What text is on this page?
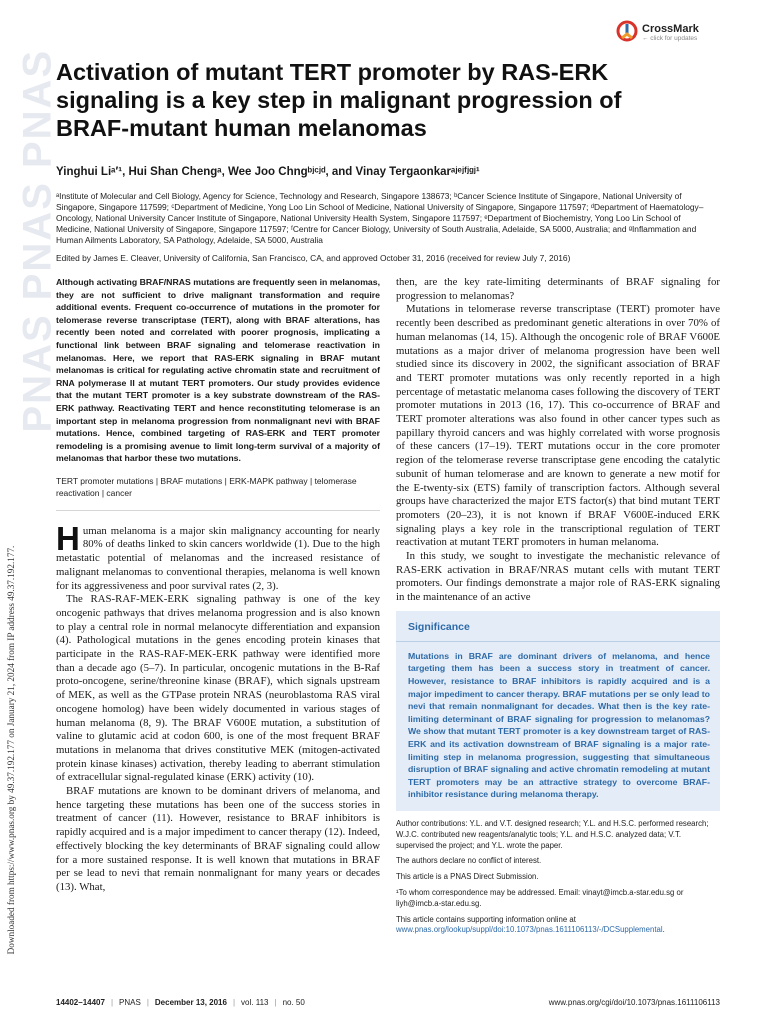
PNAS PNAS PNAS
Downloaded from https://www.pnas.org by 49.37.192.177 on January 21, 2024 from IP address 49.37.192.177.
CrossMark
← click for updates
Activation of mutant TERT promoter by RAS-ERK signaling is a key step in malignant progression of BRAF-mutant human melanomas
Yinghui Liᵃ′¹, Hui Shan Chengᵃ, Wee Joo Chngᵇʲᶜʲᵈ, and Vinay Tergaonkarᵃʲᵉʲᶠʲᵍʲ¹
ᵃInstitute of Molecular and Cell Biology, Agency for Science, Technology and Research, Singapore 138673; ᵇCancer Science Institute of Singapore, National University of Singapore, Singapore 117599; ᶜDepartment of Medicine, Yong Loo Lin School of Medicine, National University of Singapore, Singapore 117597; ᵈDepartment of Haematology–Oncology, National University Cancer Institute of Singapore, National University Health System, Singapore 117597; ᵉDepartment of Biochemistry, Yong Loo Lin School of Medicine, National University of Singapore, Singapore 117597; ᶠCentre for Cancer Biology, University of South Australia, Adelaide, SA 5000, Australia; and ᵍInflammation and Human Ailments Laboratory, SA Pathology, Adelaide, SA 5000, Australia
Edited by James E. Cleaver, University of California, San Francisco, CA, and approved October 31, 2016 (received for review July 7, 2016)

Although activating BRAF/NRAS mutations are frequently seen in melanomas, they are not sufficient to drive malignant transformation and require additional events. Frequent co-occurrence of mutations in the promoter for telomerase reverse transcriptase (TERT), along with BRAF alterations, has recently been noted and correlated with poorer prognosis, implicating a functional link between BRAF signaling and telomerase reactivation in melanomas. Here, we report that RAS-ERK signaling in BRAF mutant melanomas is critical for regulating active chromatin state and recruitment of RNA polymerase II at mutant TERT promoters. Our study provides evidence that the mutant TERT promoter is a key substrate downstream of the RAS-ERK pathway. Reactivating TERT and hence reconstituting telomerase is an important step in melanoma progression from nonmalignant nevi with BRAF mutations. Hence, combined targeting of RAS-ERK and TERT promoter remodeling is a promising avenue to limit long-term survival of a majority of melanomas that harbor these two mutations.

TERT promoter mutations | BRAF mutations | ERK-MAPK pathway | telomerase reactivation | cancer

Human melanoma is a major skin malignancy accounting for nearly 80% of deaths linked to skin cancers worldwide (1). Due to the high metastatic potential of melanomas and the increased resistance of malignant melanomas to conventional therapies, melanoma is well known for its aggressiveness and poor survival rates (2, 3).

The RAS-RAF-MEK-ERK signaling pathway is one of the key oncogenic pathways that drives melanoma progression and is also known to play a central role in normal melanocyte differentiation and expansion (4). Pathological mutations in the genes encoding protein kinases that participate in the RAS-RAF-MEK-ERK pathway were identified more than a decade ago (5–7). In particular, oncogenic mutations in the B-Raf proto-oncogene, serine/threonine kinase (BRAF), which signals upstream of MEK, as well as the GTPase protein NRAS (neuroblastoma RAS viral oncogene homolog) have been widely documented in various stages of human melanoma (8, 9). The BRAF V600E mutation, a substitution of valine to glutamic acid at codon 600, is one of the most frequent BRAF mutations in melanoma that drives constitutive MEK (mitogen-activated protein kinase kinases) activation, thereby leading to aberrant stimulation of extracellular signal-regulated kinase (ERK) activity (10).

BRAF mutations are known to be dominant drivers of melanoma, and hence targeting these mutations has been one of the success stories in treatment of cancer (11). However, resistance to BRAF inhibitors is rapidly acquired and is a major impediment to cancer therapy (12). Indeed, effectively blocking the key determinants of BRAF signaling could allow for a more sustained response. It is well known that mutations in BRAF per se lead to nevi that remain nonmalignant for many years or decades (13). What,

then, are the key rate-limiting determinants of BRAF signaling for progression to melanomas?

Mutations in telomerase reverse transcriptase (TERT) promoter have recently been described as predominant genetic alterations in over 70% of human melanomas (14, 15). Although the oncogenic role of BRAF V600E mutations as a major driver of melanoma progression have been well studied since its discovery in 2002, the significant association of BRAF and TERT promoter mutations was only recently reported in a high percentage of metastatic melanoma cases following the discovery of TERT promoter mutations in 2013 (16, 17). This co-occurrence of BRAF and TERT promoter alterations was also found in other cancer types such as papillary thyroid cancers and was highly correlated with worse prognosis of these cancers (17–19). TERT mutations occur in the core promoter region of the telomerase reverse transcriptase gene encoding the catalytic subunit of human telomerase and are known to generate a new motif for the E-twenty-six (ETS) family of transcription factors. Although several groups have characterized the major ETS factor(s) that bind mutant TERT promoters (20–23), it is not known if BRAF V600E-induced ERK signaling plays a key role in the transcriptional regulation of TERT reactivation at mutant TERT promoters in human melanoma.

In this study, we sought to investigate the mechanistic relevance of RAS-ERK activation in BRAF/NRAS mutant cells with mutant TERT promoters. Our findings demonstrate a major role of RAS-ERK signaling in the maintenance of an active

Significance

Mutations in BRAF are dominant drivers of melanoma, and hence targeting them has been a success story in treatment of cancer. However, resistance to BRAF inhibitors is rapidly acquired and is a major impediment to cancer therapy. BRAF mutations per se only lead to nevi that remain nonmalignant for decades. What then is the key rate-limiting determinant of BRAF signaling for progression to melanomas? We show that mutant TERT promoter is a key downstream target of RAS-ERK and its activation downstream of BRAF signaling is a major rate-limiting step in melanoma progression, suggesting that simultaneous disruption of BRAF signaling and active chromatin remodeling at mutant TERT promoters may be an attractive strategy to overcome BRAF-inhibitor resistance during melanoma therapy.

Author contributions: Y.L. and V.T. designed research; Y.L. and H.S.C. performed research; W.J.C. contributed new reagents/analytic tools; Y.L. and H.S.C. analyzed data; V.T. supervised the project; and Y.L. wrote the paper.

The authors declare no conflict of interest.

This article is a PNAS Direct Submission.

¹To whom correspondence may be addressed. Email: vinayt@imcb.a-star.edu.sg or liyh@imcb.a-star.edu.sg.

This article contains supporting information online at www.pnas.org/lookup/suppl/doi:10.1073/pnas.1611106113/-/DCSupplemental.

14402–14407 | PNAS | December 13, 2016 | vol. 113 | no. 50	www.pnas.org/cgi/doi/10.1073/pnas.1611106113
